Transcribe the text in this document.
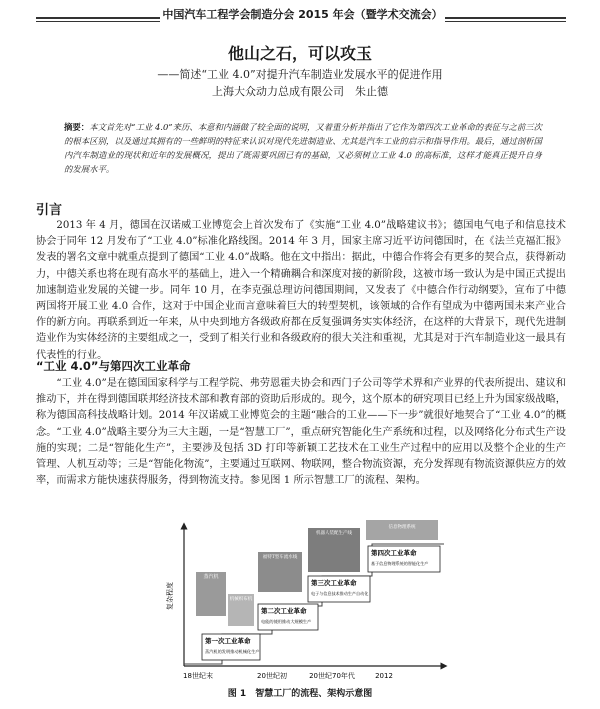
中国汽车工程学会制造分会 2015 年会（暨学术交流会）
他山之石，可以攻玉
——简述“工业 4.0”对提升汽车制造业发展水平的促进作用
上海大众动力总成有限公司　朱止德
摘要：本文首先对“工业 4.0”来历、本意和内涵做了较全面的说明，又着重分析并指出了它作为第四次工业革命的表征与之前三次的根本区别，以及通过其拥有的一些鲜明的特征来认识对现代先进制造业、尤其是汽车工业的启示和指导作用。最后，通过剖析国内汽车制造业的现状和近年的发展概况，提出了既需要巩固已有的基础，又必须树立工业 4.0 的高标准，这样才能真正提升自身的发展水平。
引言
2013 年 4 月，德国在汉诺威工业博览会上首次发布了《实施“工业 4.0”战略建议书》；德国电气电子和信息技术协会于同年 12 月发布了“工业 4.0”标准化路线图。2014 年 3 月，国家主席习近平访问德国时，在《法兰克福汇报》发表的署名文章中就重点提到了德国“工业 4.0”战略。他在文中指出：据此，中德合作将会有更多的契合点，获得新动力，中德关系也将在现有高水平的基础上，进入一个精确耦合和深度对接的新阶段，这被市场一致认为是中国正式提出加速制造业发展的关键一步。同年 10 月，在李克强总理访问德国期间，又发表了《中德合作行动纲要》，宣布了中德两国将开展工业 4.0 合作，这对于中国企业而言意味着巨大的转型契机，该领域的合作有望成为中德两国未来产业合作的新方向。再联系到近一年来，从中央到地方各级政府都在反复强调务实实体经济，在这样的大背景下，现代先进制造业作为实体经济的主要组成之一，受到了相关行业和各级政府的很大关注和重视，尤其是对于汽车制造业这一最具有代表性的行业。
“工业 4.0”与第四次工业革命
“工业 4.0”是在德国国家科学与工程学院、弗劳恩霍夫协会和西门子公司等学术界和产业界的代表所提出、建议和推动下，并在得到德国联邦经济技术部和教育部的资助后形成的。现今，这个原本的研究项目已经上升为国家级战略，称为德国高科技战略计划。2014 年汉诺威工业博览会的主题“融合的工业——下一步”就很好地契合了“工业 4.0”的概念。“工业 4.0”战略主要分为三大主题，一是“智慧工厂”，重点研究智能化生产系统和过程，以及网络化分布式生产设施的实现；二是“智能化生产”，主要涉及包括 3D 打印等新颖工艺技术在工业生产过程中的应用以及整个企业的生产管理、人机互动等；三是“智能化物流”，主要通过互联网、物联网，整合物流资源，充分发挥现有物流资源供应方的效率，而需求方能快速获得服务，得到物流支持。参见图 1 所示智慧工厂的流程、架构。
复杂程度
蒸汽机
机械织布机
福特T型车流水线
机器人装配生产线
信息物理系统
第一次工业革命
蒸汽机的发明推动机械化生产
第二次工业革命
电能的使用推动大规模生产
第三次工业革命
电子与信息技术推动生产自动化
第四次工业革命
基于信息物理系统的智能化生产
18世纪末	20世纪初	20世纪70年代	2012
图 1　智慧工厂的流程、架构示意图
